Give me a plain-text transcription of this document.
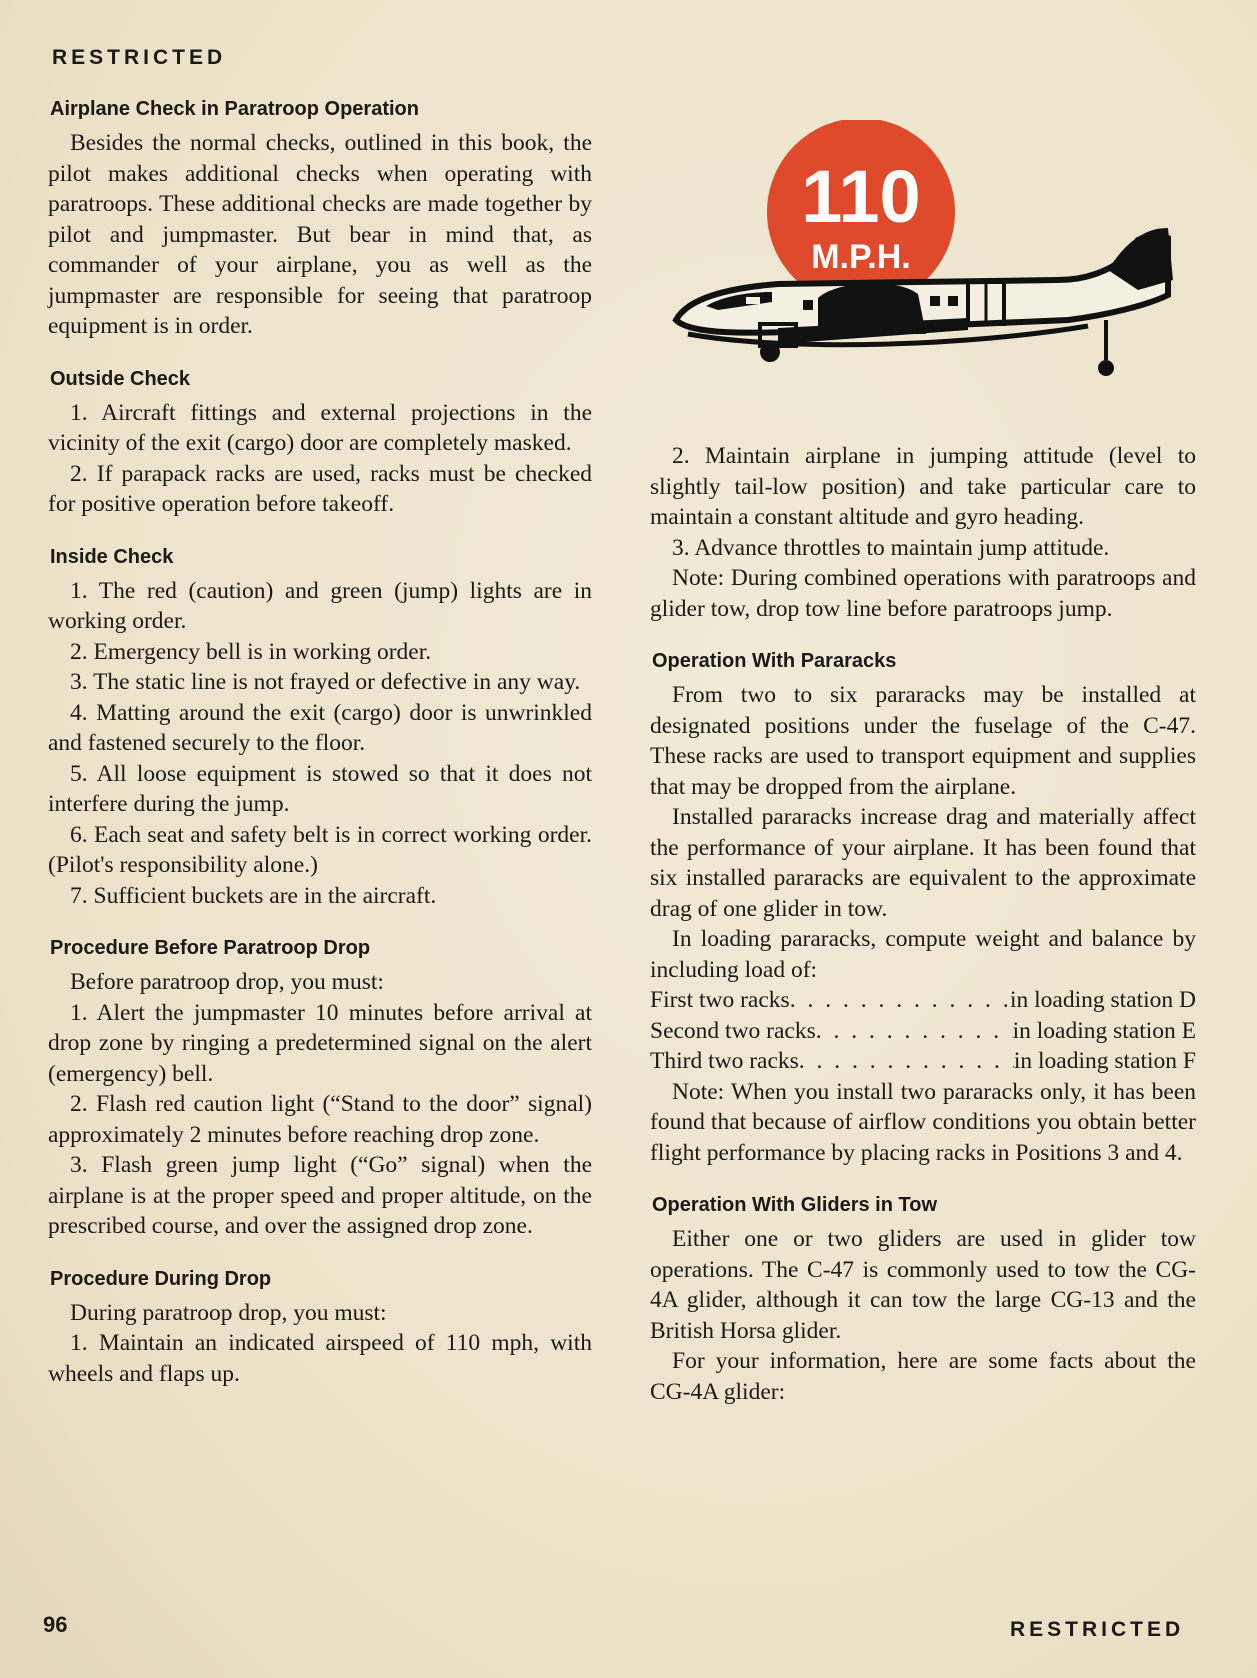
RESTRICTED
110
M.P.H.
Airplane Check in Paratroop Operation

Besides the normal checks, outlined in this book, the pilot makes additional checks when operating with paratroops. These additional checks are made together by pilot and jumpmaster. But bear in mind that, as commander of your airplane, you as well as the jumpmaster are responsible for seeing that paratroop equipment is in order.

Outside Check

1. Aircraft fittings and external projections in the vicinity of the exit (cargo) door are completely masked.

2. If parapack racks are used, racks must be checked for positive operation before takeoff.

Inside Check

1. The red (caution) and green (jump) lights are in working order.

2. Emergency bell is in working order.

3. The static line is not frayed or defective in any way.

4. Matting around the exit (cargo) door is unwrinkled and fastened securely to the floor.

5. All loose equipment is stowed so that it does not interfere during the jump.

6. Each seat and safety belt is in correct working order. (Pilot's responsibility alone.)

7. Sufficient buckets are in the aircraft.

Procedure Before Paratroop Drop

Before paratroop drop, you must:

1. Alert the jumpmaster 10 minutes before arrival at drop zone by ringing a predetermined signal on the alert (emergency) bell.

2. Flash red caution light (“Stand to the door” signal) approximately 2 minutes before reaching drop zone.

3. Flash green jump light (“Go” signal) when the airplane is at the proper speed and proper altitude, on the prescribed course, and over the assigned drop zone.

Procedure During Drop

During paratroop drop, you must:

1. Maintain an indicated airspeed of 110 mph, with wheels and flaps up.

2. Maintain airplane in jumping attitude (level to slightly tail-low position) and take particular care to maintain a constant altitude and gyro heading.

3. Advance throttles to maintain jump attitude.

Note: During combined operations with paratroops and glider tow, drop tow line before paratroops jump.

Operation With Pararacks

From two to six pararacks may be installed at designated positions under the fuselage of the C-47. These racks are used to transport equipment and supplies that may be dropped from the airplane.

Installed pararacks increase drag and materially affect the performance of your airplane. It has been found that six installed pararacks are equivalent to the approximate drag of one glider in tow.

In loading pararacks, compute weight and balance by including load of:

First two racks . . .	in loading station D
Second two racks . . .	in loading station E
Third two racks . . .	in loading station F

Note: When you install two pararacks only, it has been found that because of airflow conditions you obtain better flight performance by placing racks in Positions 3 and 4.

Operation With Gliders in Tow

Either one or two gliders are used in glider tow operations. The C-47 is commonly used to tow the CG-4A glider, although it can tow the large CG-13 and the British Horsa glider.

For your information, here are some facts about the CG-4A glider:

96	RESTRICTED
